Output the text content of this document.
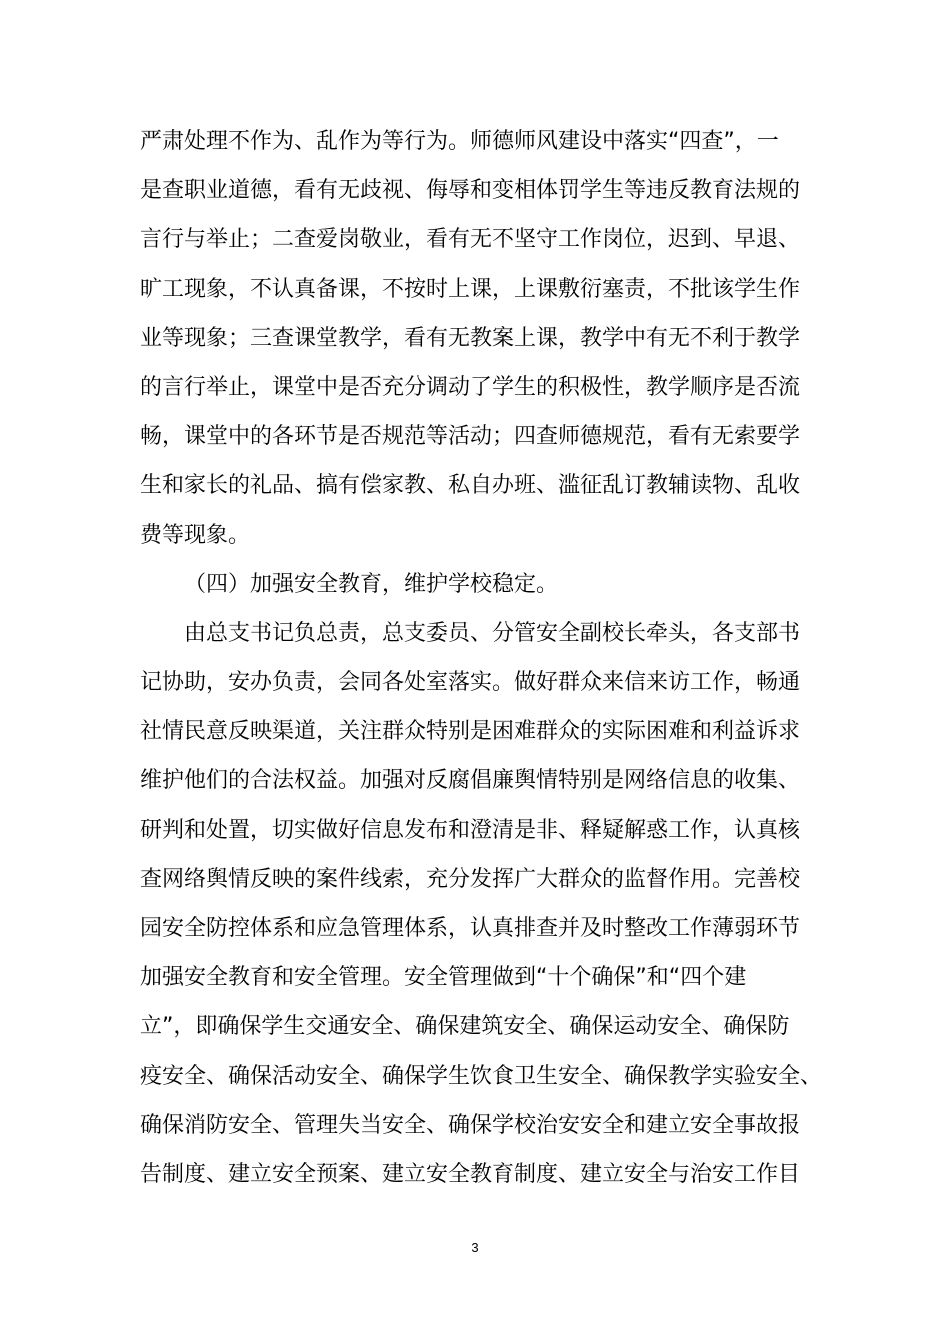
严肃处理不作为、乱作为等行为。师德师风建设中落实“四查”，一
是查职业道德，看有无歧视、侮辱和变相体罚学生等违反教育法规的
言行与举止；二查爱岗敬业，看有无不坚守工作岗位，迟到、早退、
旷工现象，不认真备课，不按时上课，上课敷衍塞责，不批该学生作
业等现象；三查课堂教学，看有无教案上课，教学中有无不利于教学
的言行举止，课堂中是否充分调动了学生的积极性，教学顺序是否流
畅，课堂中的各环节是否规范等活动；四查师德规范，看有无索要学
生和家长的礼品、搞有偿家教、私自办班、滥征乱订教辅读物、乱收
费等现象。
（四）加强安全教育，维护学校稳定。
由总支书记负总责，总支委员、分管安全副校长牵头，各支部书
记协助，安办负责，会同各处室落实。做好群众来信来访工作，畅通
社情民意反映渠道，关注群众特别是困难群众的实际困难和利益诉求
维护他们的合法权益。加强对反腐倡廉舆情特别是网络信息的收集、
研判和处置，切实做好信息发布和澄清是非、释疑解惑工作，认真核
查网络舆情反映的案件线索，充分发挥广大群众的监督作用。完善校
园安全防控体系和应急管理体系，认真排查并及时整改工作薄弱环节
加强安全教育和安全管理。安全管理做到“十个确保”和“四个建
立”，即确保学生交通安全、确保建筑安全、确保运动安全、确保防
疫安全、确保活动安全、确保学生饮食卫生安全、确保教学实验安全、
确保消防安全、管理失当安全、确保学校治安安全和建立安全事故报
告制度、建立安全预案、建立安全教育制度、建立安全与治安工作目
3
